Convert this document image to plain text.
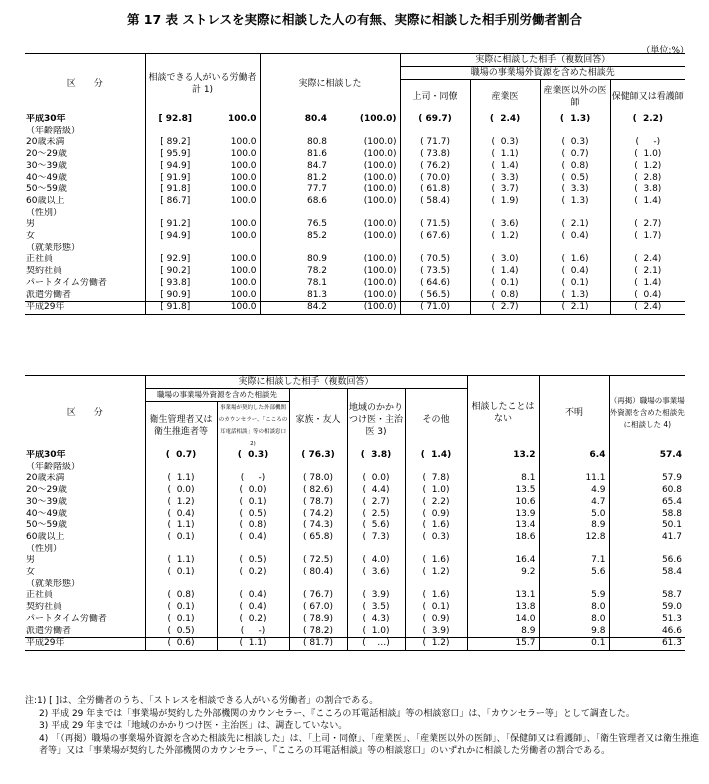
第 17 表 ストレスを実際に相談した人の有無、実際に相談した相手別労働者割合
（単位:%）
区　　分	相談できる人がいる労働者計 1)		実際に相談した		実際に相談した相手（複数回答）			
					職場の事業場外資源を含めた相談先			
					上司・同僚	産業医	産業医以外の医師	保健師又は看護師
平成30年	[ 92.8]	100.0	80.4	(100.0)	( 69.7)	(  2.4)	(  1.3)	(  2.2)
（年齢階級）								
20歳未満	[ 89.2]	100.0	80.8	(100.0)	( 71.7)	(  0.3)	(  0.3)	(     -)
20～29歳	[ 95.9]	100.0	81.6	(100.0)	( 73.8)	(  1.1)	(  0.7)	(  1.0)
30～39歳	[ 94.9]	100.0	84.7	(100.0)	( 76.2)	(  1.4)	(  0.8)	(  1.2)
40～49歳	[ 91.9]	100.0	81.2	(100.0)	( 70.0)	(  3.3)	(  0.5)	(  2.8)
50～59歳	[ 91.8]	100.0	77.7	(100.0)	( 61.8)	(  3.7)	(  3.3)	(  3.8)
60歳以上	[ 86.7]	100.0	68.6	(100.0)	( 58.4)	(  1.9)	(  1.3)	(  1.4)

（性別）								
男	[ 91.2]	100.0	76.5	(100.0)	( 71.5)	(  3.6)	(  2.1)	(  2.7)
女	[ 94.9]	100.0	85.2	(100.0)	( 67.6)	(  1.2)	(  0.4)	(  1.7)

（就業形態）								
正社員	[ 92.9]	100.0	80.9	(100.0)	( 70.5)	(  3.0)	(  1.6)	(  2.4)
契約社員	[ 90.2]	100.0	78.2	(100.0)	( 73.5)	(  1.4)	(  0.4)	(  2.1)
パートタイム労働者	[ 93.8]	100.0	78.1	(100.0)	( 64.6)	(  0.1)	(  0.1)	(  1.4)
派遣労働者	[ 90.9]	100.0	81.3	(100.0)	( 56.5)	(  0.8)	(  1.3)	(  0.4)
平成29年	[ 91.8]	100.0	84.2	(100.0)	( 71.0)	(  2.7)	(  2.1)	(  2.4)
区　　分	実際に相談した相手（複数回答）					相談したことはない	不明	（再掲）職場の事業場外資源を含めた相談先に相談した 4)
	職場の事業場外資源を含めた相談先		家族・友人	地域のかかりつけ医・主治医 3)	その他			
	衛生管理者又は衛生推進者等	事業場が契約した外部機関のカウンセラー、「こころの耳電話相談」等の相談窓口 2)						
平成30年	(  0.7)	(  0.3)	( 76.3)	(  3.8)	(  1.4)	13.2	6.4	57.4
（年齢階級）								
20歳未満	(  1.1)	(     -)	( 78.0)	(  0.0)	(  7.8)	8.1	11.1	57.9
20～29歳	(  0.0)	(  0.0)	( 82.6)	(  4.4)	(  1.0)	13.5	4.9	60.8
30～39歳	(  1.2)	(  0.1)	( 78.7)	(  2.7)	(  2.2)	10.6	4.7	65.4
40～49歳	(  0.4)	(  0.5)	( 74.2)	(  2.5)	(  0.9)	13.9	5.0	58.8
50～59歳	(  1.1)	(  0.8)	( 74.3)	(  5.6)	(  1.6)	13.4	8.9	50.1
60歳以上	(  0.1)	(  0.4)	( 65.8)	(  7.3)	(  0.3)	18.6	12.8	41.7

（性別）								
男	(  1.1)	(  0.5)	( 72.5)	(  4.0)	(  1.6)	16.4	7.1	56.6
女	(  0.1)	(  0.2)	( 80.4)	(  3.6)	(  1.2)	9.2	5.6	58.4

（就業形態）								
正社員	(  0.8)	(  0.4)	( 76.7)	(  3.9)	(  1.6)	13.1	5.9	58.7
契約社員	(  0.1)	(  0.4)	( 67.0)	(  3.5)	(  0.1)	13.8	8.0	59.0
パートタイム労働者	(  0.1)	(  0.2)	( 78.9)	(  4.3)	(  0.9)	14.0	8.0	51.3
派遣労働者	(  0.5)	(     -)	( 78.2)	(  1.0)	(  3.9)	8.9	9.8	46.6
平成29年	(  0.6)	(  1.1)	( 81.7)	(    …)	(  1.2)	15.7	0.1	61.3
注:1) [ ]は、全労働者のうち、「ストレスを相談できる人がいる労働者」の割合である。
2) 平成 29 年までは「事業場が契約した外部機関のカウンセラー、『こころの耳電話相談』等の相談窓口」は、「カウンセラー等」として調査した。
3) 平成 29 年までは「地域のかかりつけ医・主治医」は、調査していない。
4) 「（再掲）職場の事業場外資源を含めた相談先に相談した」は、「上司・同僚」、「産業医」、「産業医以外の医師」、「保健師又は看護師」、「衛生管理者又は衛生推進者等」又は「事業場が契約した外部機関のカウンセラー、『こころの耳電話相談』等の相談窓口」のいずれかに相談した労働者の割合である。
